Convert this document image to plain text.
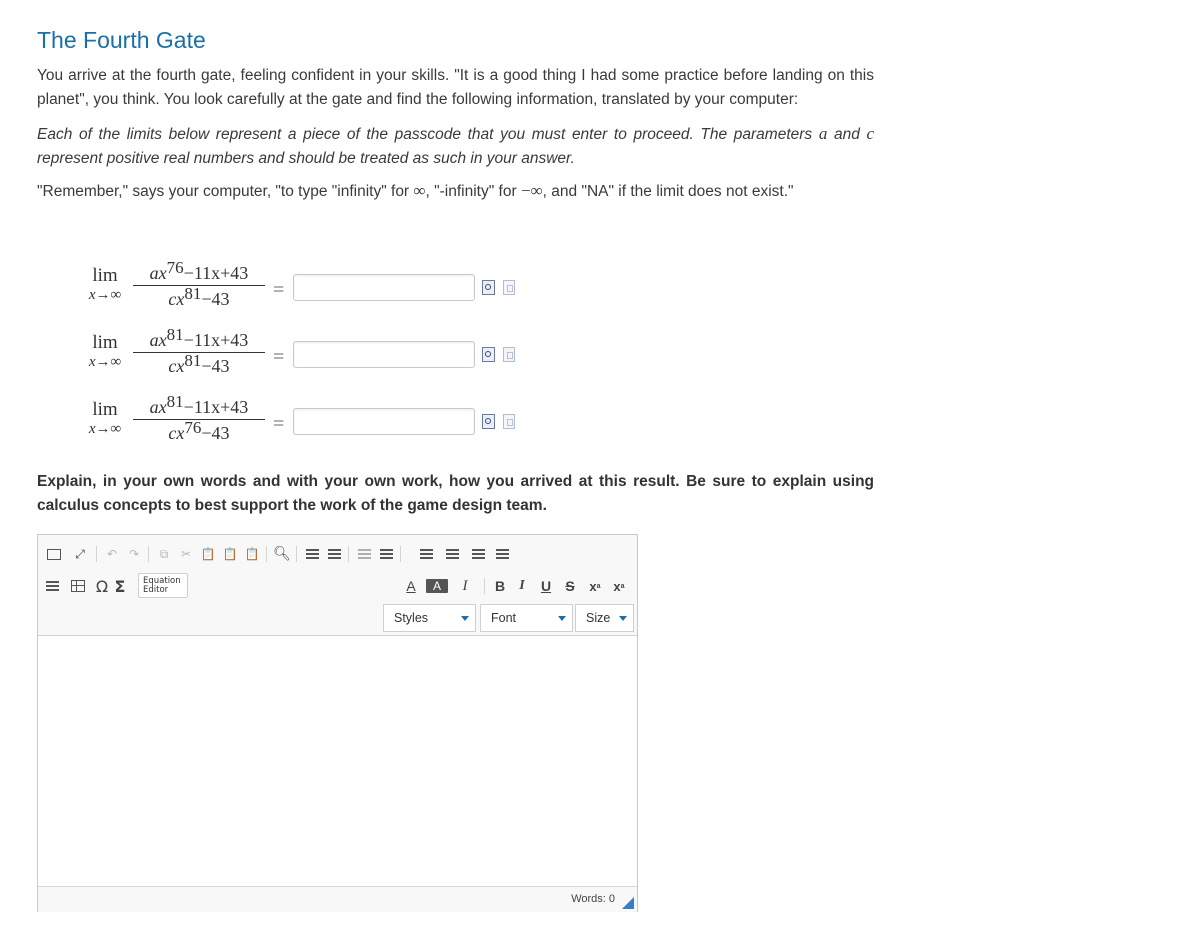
The Fourth Gate

You arrive at the fourth gate, feeling confident in your skills. "It is a good thing I had some practice before landing on this planet", you think. You look carefully at the gate and find the following information, translated by your computer:

Each of the limits below represent a piece of the passcode that you must enter to proceed. The parameters a and c represent positive real numbers and should be treated as such in your answer.

"Remember," says your computer, "to type "infinity" for ∞, "-infinity" for −∞, and "NA" if the limit does not exist."

lim
x→∞
$ax^{76}-11x+43$
$cx^{81}-43$	=
lim
x→∞
$ax^{81}-11x+43$
$cx^{81}-43$	=
lim
x→∞
$ax^{81}-11x+43$
$cx^{76}-43$	=

Explain, in your own words and with your own work, how you arrived at this result. Be sure to explain using calculus concepts to best support the work of the game design team.

⤢ ↶ ↷	⧉	✂ 📋 📋 📋 🔍︎
Ω Σ Equation
Editor	A	A	I	B	I	U S x a x a
Styles	Font	Size
Words: 0
